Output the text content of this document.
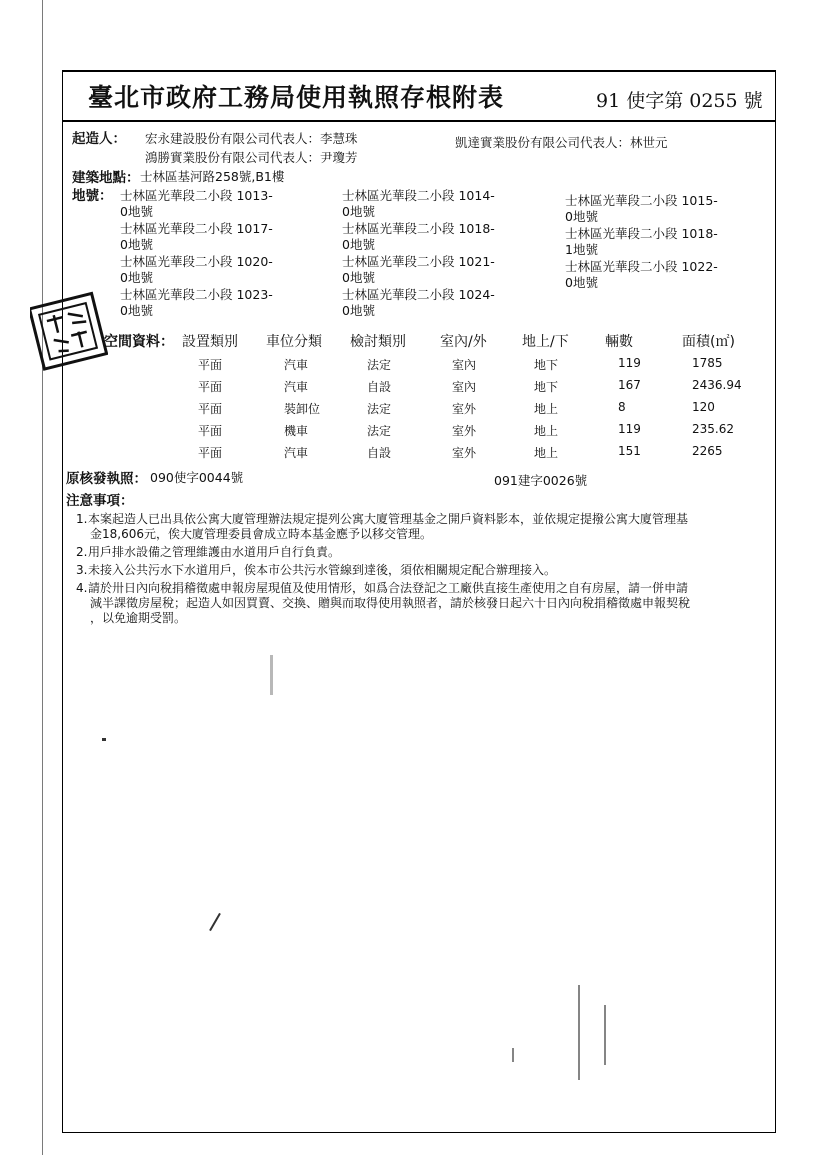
臺北市政府工務局使用執照存根附表	91 使字第 0255 號
起造人： 宏永建設股份有限公司代表人：李慧珠	凱達實業股份有限公司代表人：林世元
鴻勝實業股份有限公司代表人：尹瓊芳
建築地點： 士林區基河路258號,B1樓
地號： 士林區光華段二小段 1013-
0地號
士林區光華段二小段 1014-
0地號
士林區光華段二小段 1015-
0地號
士林區光華段二小段 1017-
0地號
士林區光華段二小段 1018-
0地號
士林區光華段二小段 1018-
1地號
士林區光華段二小段 1020-
0地號
士林區光華段二小段 1021-
0地號
士林區光華段二小段 1022-
0地號
士林區光華段二小段 1023-
0地號
士林區光華段二小段 1024-
0地號
空間資料： 設置類別 車位分類 檢討類別 室內/外	地上/下	輛數	面積(㎡)
平面	汽車	法定	室內	地下	119	1785
平面	汽車	自設	室內	地下	167	2436.94
平面	裝卸位	法定	室外	地上	8	120
平面	機車	法定	室外	地上	119	235.62
平面	汽車	自設	室外	地上	151	2265
原核發執照： 090使字0044號	091建字0026號
注意事項：
1.本案起造人已出具依公寓大廈管理辦法規定提列公寓大廈管理基金之開戶資料影本，並依規定提撥公寓大廈管理基
金18,606元，俟大廈管理委員會成立時本基金應予以移交管理。
2.用戶排水設備之管理維護由水道用戶自行負責。
3.未接入公共污水下水道用戶，俟本市公共污水管線到達後，須依相關規定配合辦理接入。
4.請於卅日內向稅捐稽徵處申報房屋現值及使用情形，如爲合法登記之工廠供直接生產使用之自有房屋，請一併申請
減半課徵房屋稅；起造人如因買賣、交換、贈與而取得使用執照者，請於核發日起六十日內向稅捐稽徵處申報契稅
，以免逾期受罰。
